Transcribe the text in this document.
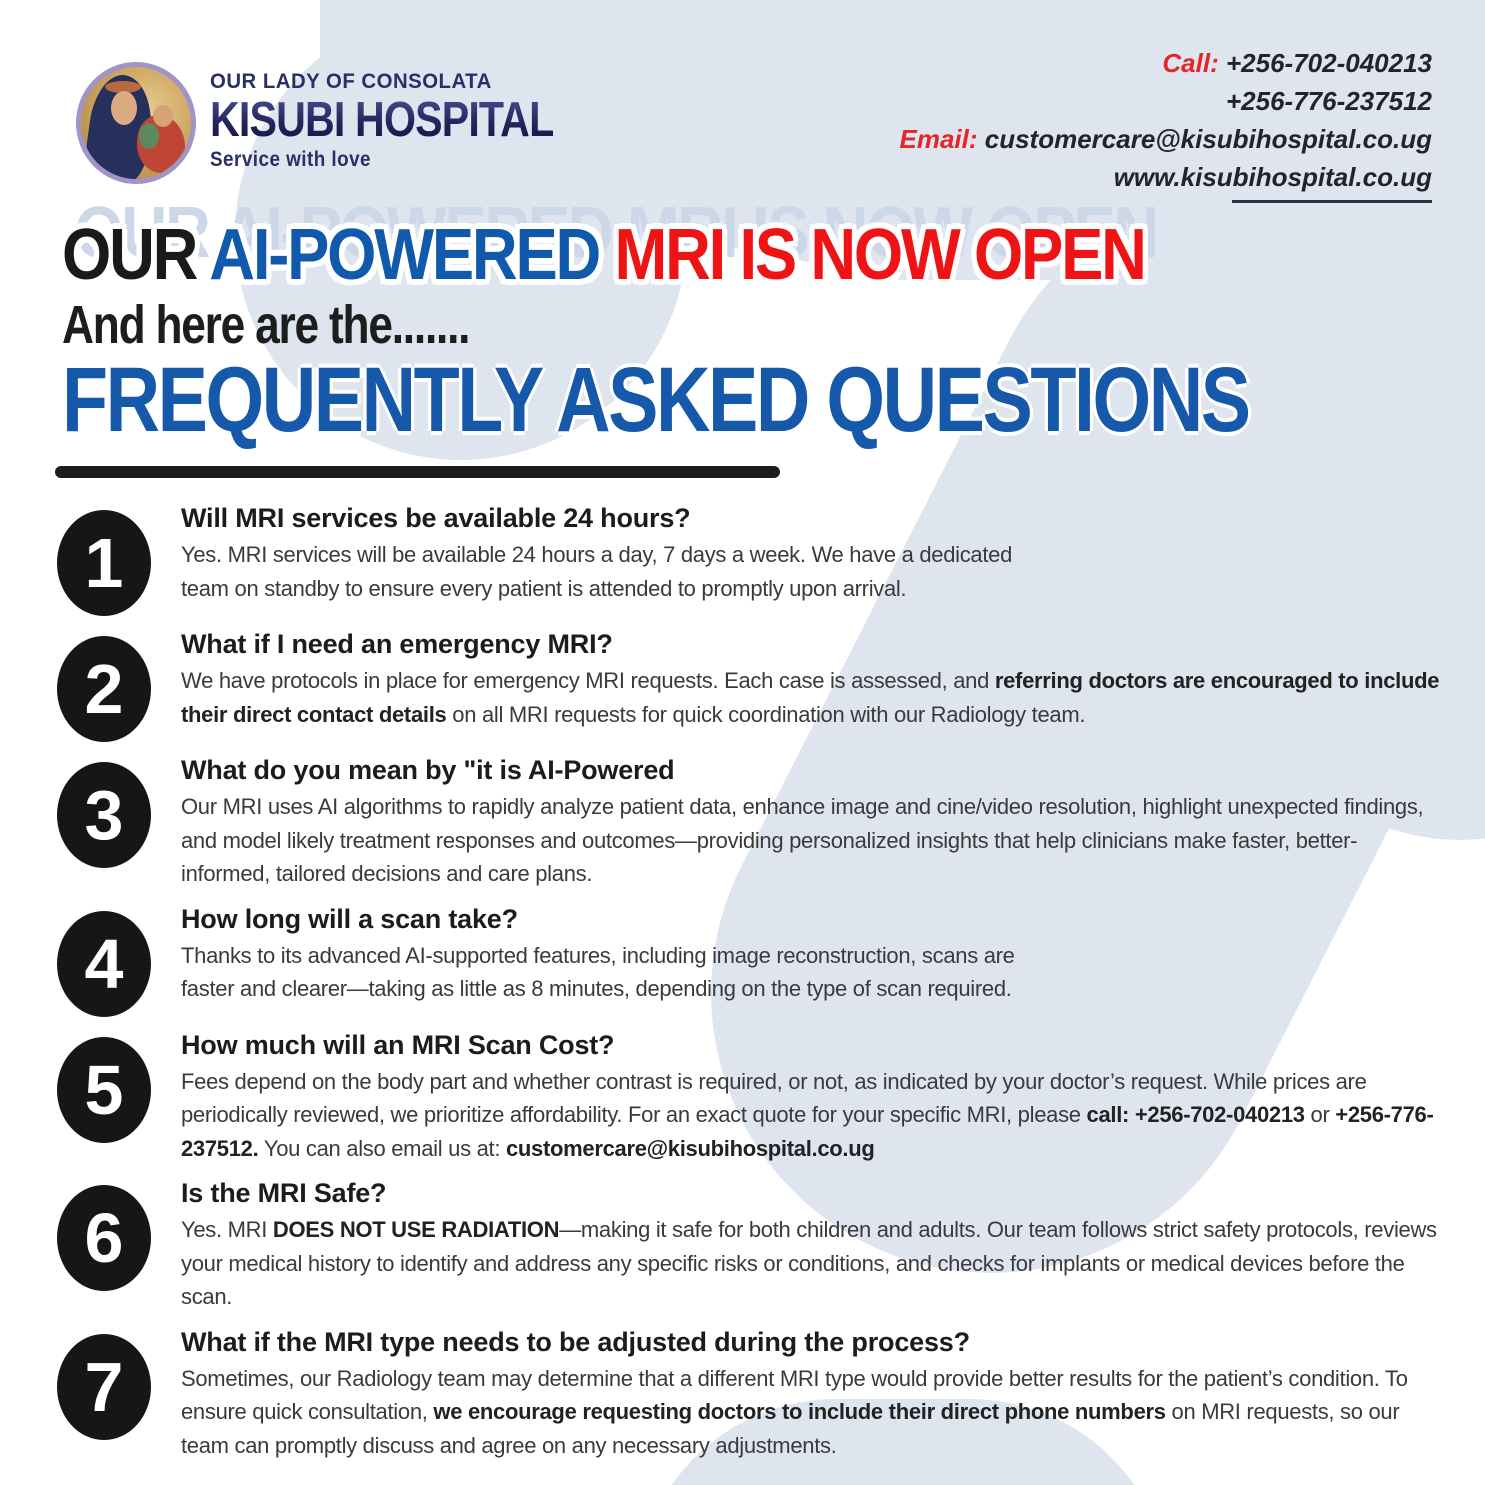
OUR LADY OF CONSOLATA
KISUBI HOSPITAL
Service with love
Call: +256-702-040213
+256-776-237512
Email: customercare@kisubihospital.co.ug
www.kisubihospital.co.ug
OUR AI-POWERED MRI IS NOW OPEN
And here are the.......
FREQUENTLY ASKED QUESTIONS
1
Will MRI services be available 24 hours?
Yes. MRI services will be available 24 hours a day, 7 days a week. We have a dedicated
team on standby to ensure every patient is attended to promptly upon arrival.
2
What if I need an emergency MRI?
We have protocols in place for emergency MRI requests. Each case is assessed, and referring doctors are encouraged to include their direct contact details on all MRI requests for quick coordination with our Radiology team.
3
What do you mean by "it is AI-Powered
Our MRI uses AI algorithms to rapidly analyze patient data, enhance image and cine/video resolution, highlight unexpected findings, and model likely treatment responses and outcomes—providing personalized insights that help clinicians make faster, better-informed, tailored decisions and care plans.
4
How long will a scan take?
Thanks to its advanced AI-supported features, including image reconstruction, scans are
faster and clearer—taking as little as 8 minutes, depending on the type of scan required.
5
How much will an MRI Scan Cost?
Fees depend on the body part and whether contrast is required, or not, as indicated by your doctor’s request. While prices are periodically reviewed, we prioritize affordability. For an exact quote for your specific MRI, please call: +256-702-040213 or +256-776-237512. You can also email us at: customercare@kisubihospital.co.ug
6
Is the MRI Safe?
Yes. MRI DOES NOT USE RADIATION—making it safe for both children and adults. Our team follows strict safety protocols, reviews your medical history to identify and address any specific risks or conditions, and checks for implants or medical devices before the scan.
7
What if the MRI type needs to be adjusted during the process?
Sometimes, our Radiology team may determine that a different MRI type would provide better results for the patient’s condition. To ensure quick consultation, we encourage requesting doctors to include their direct phone numbers on MRI requests, so our team can promptly discuss and agree on any necessary adjustments.
